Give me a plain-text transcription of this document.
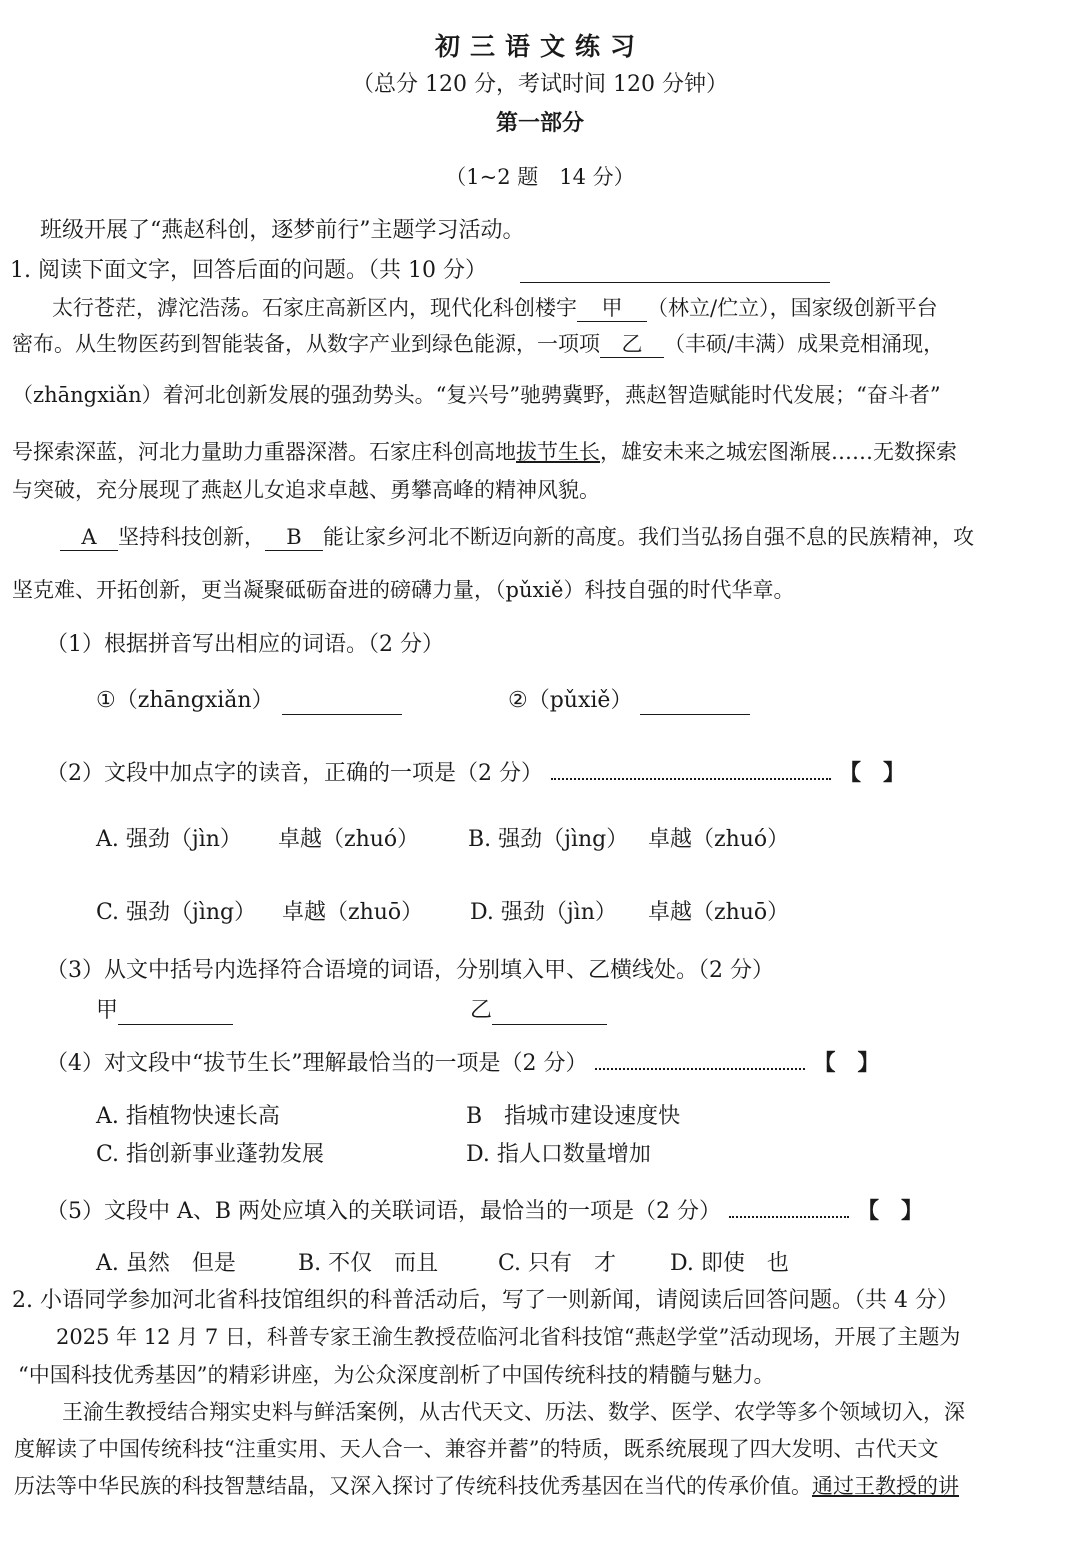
初三语文练习
（总分 120 分，考试时间 120 分钟）
第一部分
（1~2 题　14 分）
班级开展了“燕赵科创，逐梦前行”主题学习活动。
1. 阅读下面文字，回答后面的问题。（共 10 分）
太行苍茫，滹沱浩荡。石家庄高新区内，现代化科创楼宇 甲 （林立/伫立），国家级创新平台
密布。从生物医药到智能装备，从数字产业到绿色能源，一项项 乙 （丰硕/丰满）成果竞相涌现，
（zhāngxiǎn）着河北创新发展的强劲势头。“复兴号”驰骋冀野，燕赵智造赋能时代发展；“奋斗者”
号探索深蓝，河北力量助力重器深潜。石家庄科创高地拔节生长，雄安未来之城宏图渐展……无数探索
与突破，充分展现了燕赵儿女追求卓越、勇攀高峰的精神风貌。
A 坚持科技创新， B 能让家乡河北不断迈向新的高度。我们当弘扬自强不息的民族精神，攻
坚克难、开拓创新，更当凝聚砥砺奋进的磅礴力量，（pǔxiě）科技自强的时代华章。
（1）根据拼音写出相应的词语。（2 分）
①（zhāngxiǎn）	②（pǔxiě）
（2）文段中加点字的读音，正确的一项是（2 分）	【　】
A. 强劲（jìn） 卓越（zhuó） B. 强劲（jìng） 卓越（zhuó）
C. 强劲（jìng） 卓越（zhuō） D. 强劲（jìn） 卓越（zhuō）
（3）从文中括号内选择符合语境的词语，分别填入甲、乙横线处。（2 分）
甲	乙
（4）对文段中“拔节生长”理解最恰当的一项是（2 分）	【　】
A. 指植物快速长高	B　指城市建设速度快
C. 指创新事业蓬勃发展	D. 指人口数量增加
（5）文段中 A、B 两处应填入的关联词语，最恰当的一项是（2 分）	【　】
A. 虽然　但是	B. 不仅　而且	C. 只有　才 D. 即使　也
2. 小语同学参加河北省科技馆组织的科普活动后，写了一则新闻，请阅读后回答问题。（共 4 分）
2025 年 12 月 7 日，科普专家王渝生教授莅临河北省科技馆“燕赵学堂”活动现场，开展了主题为
“中国科技优秀基因”的精彩讲座，为公众深度剖析了中国传统科技的精髓与魅力。
王渝生教授结合翔实史料与鲜活案例，从古代天文、历法、数学、医学、农学等多个领域切入，深
度解读了中国传统科技“注重实用、天人合一、兼容并蓄”的特质，既系统展现了四大发明、古代天文
历法等中华民族的科技智慧结晶，又深入探讨了传统科技优秀基因在当代的传承价值。通过王教授的讲
